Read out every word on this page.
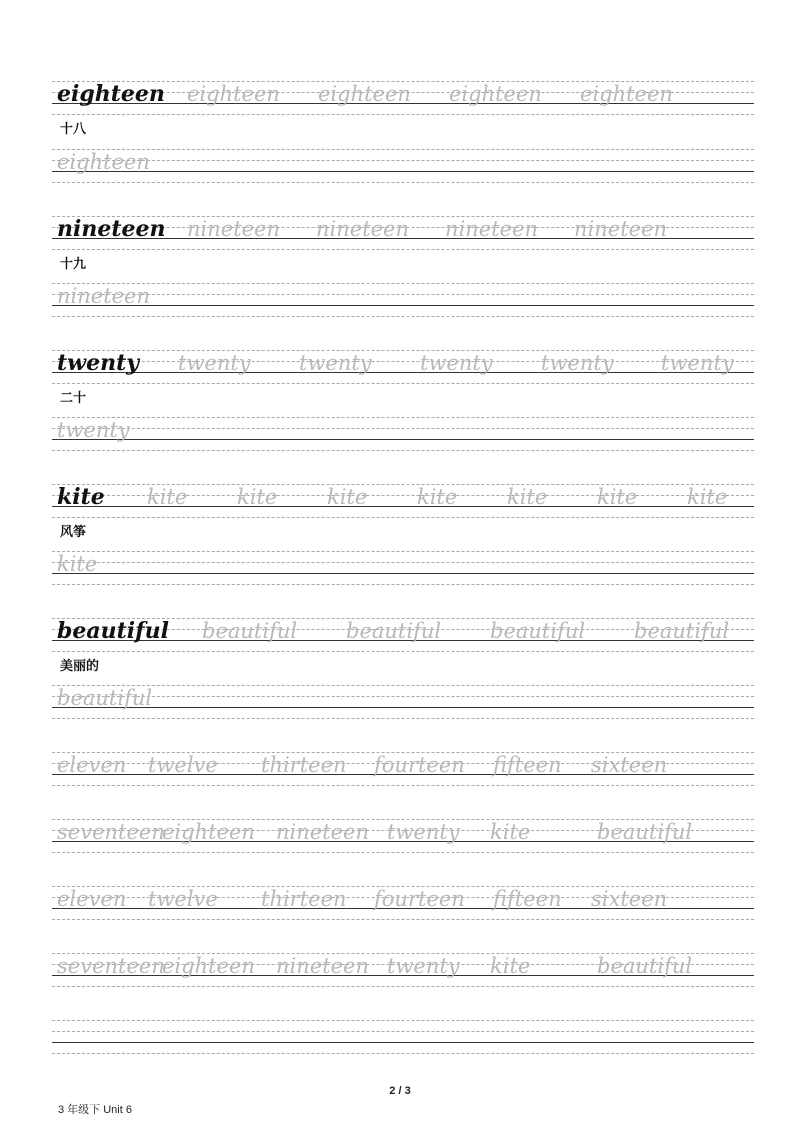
eighteen eighteen eighteen eighteen eighteen
十八
eighteen
nineteen nineteen nineteen nineteen nineteen
十九
nineteen
twenty twenty twenty twenty twenty twenty
二十
twenty
kite kite kite kite kite kite kite kite
风筝
kite
beautiful beautiful beautiful beautiful beautiful
美丽的
beautiful
eleven twelve thirteen fourteen fifteen sixteen
seventeen
eighteen nineteen twenty kite	beautiful
eleven twelve thirteen fourteen fifteen sixteen
seventeen
eighteen nineteen twenty kite	beautiful
2 / 3
3 年级下 Unit 6
